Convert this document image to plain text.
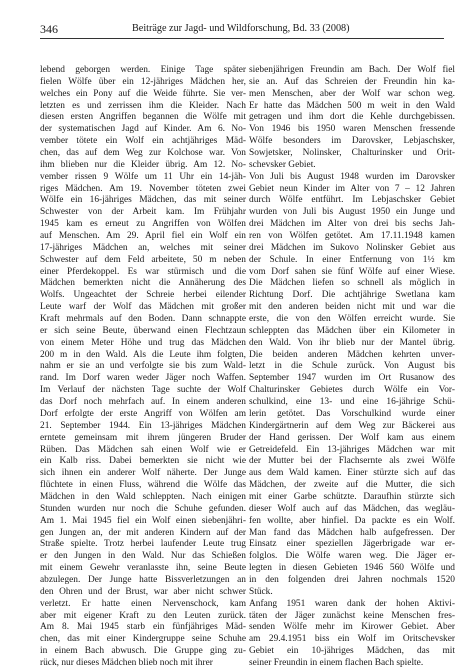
346	Beiträge zur Jagd- und Wildforschung, Bd. 33 (2008)
lebend geborgen werden. Einige Tage später
fielen Wölfe über ein 12-jähriges Mädchen her,
welches ein Pony auf die Weide führte. Sie ver-
letzten es und zerrissen ihm die Kleider. Nach
diesen ersten Angriffen begannen die Wölfe mit
der systematischen Jagd auf Kinder. Am 6. No-
vember tötete ein Wolf ein achtjähriges Mäd-
chen, das auf dem Weg zur Kolchose war. Von
ihm blieben nur die Kleider übrig. Am 12. No-
vember rissen 9 Wölfe um 11 Uhr ein 14-jäh-
riges Mädchen. Am 19. November töteten zwei
Wölfe ein 16-jähriges Mädchen, das mit seiner
Schwester von der Arbeit kam. Im Frühjahr
1945 kam es erneut zu Angriffen von Wölfen
auf Menschen. Am 29. April fiel ein Wolf ein
17-jähriges Mädchen an, welches mit seiner
Schwester auf dem Feld arbeitete, 50 m neben
einer Pferdekoppel. Es war stürmisch und die
Mädchen bemerkten nicht die Annäherung des
Wolfs. Ungeachtet der Schreie herbei eilender
Leute warf der Wolf das Mädchen mit großer
Kraft mehrmals auf den Boden. Dann schnappte
er sich seine Beute, überwand einen Flechtzaun
von einem Meter Höhe und trug das Mädchen
200 m in den Wald. Als die Leute ihm folgten,
nahm er sie an und verfolgte sie bis zum Wald-
rand. Im Dorf waren weder Jäger noch Waffen.
Im Verlauf der nächsten Tage suchte der Wolf
das Dorf noch mehrfach auf. In einem anderen
Dorf erfolgte der erste Angriff von Wölfen am
21. September 1944. Ein 13-jähriges Mädchen
erntete gemeinsam mit ihrem jüngeren Bruder
Rüben. Das Mädchen sah einen Wolf wie er
ein Kalb riss. Dabei bemerkten sie nicht wie
sich ihnen ein anderer Wolf näherte. Der Junge
flüchtete in einen Fluss, während die Wölfe das
Mädchen in den Wald schleppten. Nach einigen
Stunden wurden nur noch die Schuhe gefunden.
Am 1. Mai 1945 fiel ein Wolf einen siebenjähri-
gen Jungen an, der mit anderen Kindern auf der
Straße spielte. Trotz herbei laufender Leute trug
er den Jungen in den Wald. Nur das Schießen
mit einem Gewehr veranlasste ihn, seine Beute
abzulegen. Der Junge hatte Bissverletzungen an
den Ohren und der Brust, war aber nicht schwer
verletzt. Er hatte einen Nervenschock, kam
aber mit eigener Kraft zu den Leuten zurück.
Am 8. Mai 1945 starb ein fünfjähriges Mäd-
chen, das mit einer Kindergruppe seine Schuhe
in einem Bach abwusch. Die Gruppe ging zu-
rück, nur dieses Mädchen blieb noch mit ihrer
siebenjährigen Freundin am Bach. Der Wolf fiel
sie an. Auf das Schreien der Freundin hin ka-
men Menschen, aber der Wolf war schon weg.
Er hatte das Mädchen 500 m weit in den Wald
getragen und ihm dort die Kehle durchgebissen.
Von 1946 bis 1950 waren Menschen fressende
Wölfe besonders im Darovsker, Lebjaschsker,
Sowjetsker, Nolinsker, Chalturinsker und Orit-
schevsker Gebiet.
Von Juli bis August 1948 wurden im Darovsker
Gebiet neun Kinder im Alter von 7 – 12 Jahren
durch Wölfe entführt. Im Lebjaschsker Gebiet
wurden von Juli bis August 1950 ein Junge und
drei Mädchen im Alter von drei bis sechs Jah-
ren von Wölfen getötet. Am 17.11.1948 kamen
drei Mädchen im Sukovo Nolinsker Gebiet aus
der Schule. In einer Entfernung von 1½ km
vom Dorf sahen sie fünf Wölfe auf einer Wiese.
Die Mädchen liefen so schnell als möglich in
Richtung Dorf. Die achtjährige Swetlana kam
mit den anderen beiden nicht mit und war die
erste, die von den Wölfen erreicht wurde. Sie
schleppten das Mädchen über ein Kilometer in
den Wald. Von ihr blieb nur der Mantel übrig.
Die beiden anderen Mädchen kehrten unver-
letzt in die Schule zurück. Von August bis
September 1947 wurden im Ort Rusanow des
Chalturinsker Gebietes durch Wölfe ein Vor-
schulkind, eine 13- und eine 16-jährige Schü-
lerin getötet. Das Vorschulkind wurde einer
Kindergärtnerin auf dem Weg zur Bäckerei aus
der Hand gerissen. Der Wolf kam aus einem
Getreidefeld. Ein 13-jähriges Mädchen war mit
der Mutter bei der Flachsernte als zwei Wölfe
aus dem Wald kamen. Einer stürzte sich auf das
Mädchen, der zweite auf die Mutter, die sich
mit einer Garbe schützte. Daraufhin stürzte sich
dieser Wolf auch auf das Mädchen, das wegläu-
fen wollte, aber hinfiel. Da packte es ein Wolf.
Man fand das Mädchen halb aufgefressen. Der
Einsatz einer speziellen Jägerbrigade war er-
folglos. Die Wölfe waren weg. Die Jäger er-
legten in diesen Gebieten 1946 560 Wölfe und
in den folgenden drei Jahren nochmals 1520
Stück.
Anfang 1951 waren dank der hohen Aktivi-
täten der Jäger zunächst keine Menschen fres-
senden Wölfe mehr im Kirower Gebiet. Aber
am 29.4.1951 biss ein Wolf im Oritschevsker
Gebiet ein 10-jähriges Mädchen, das mit
seiner Freundin in einem flachen Bach spielte.
